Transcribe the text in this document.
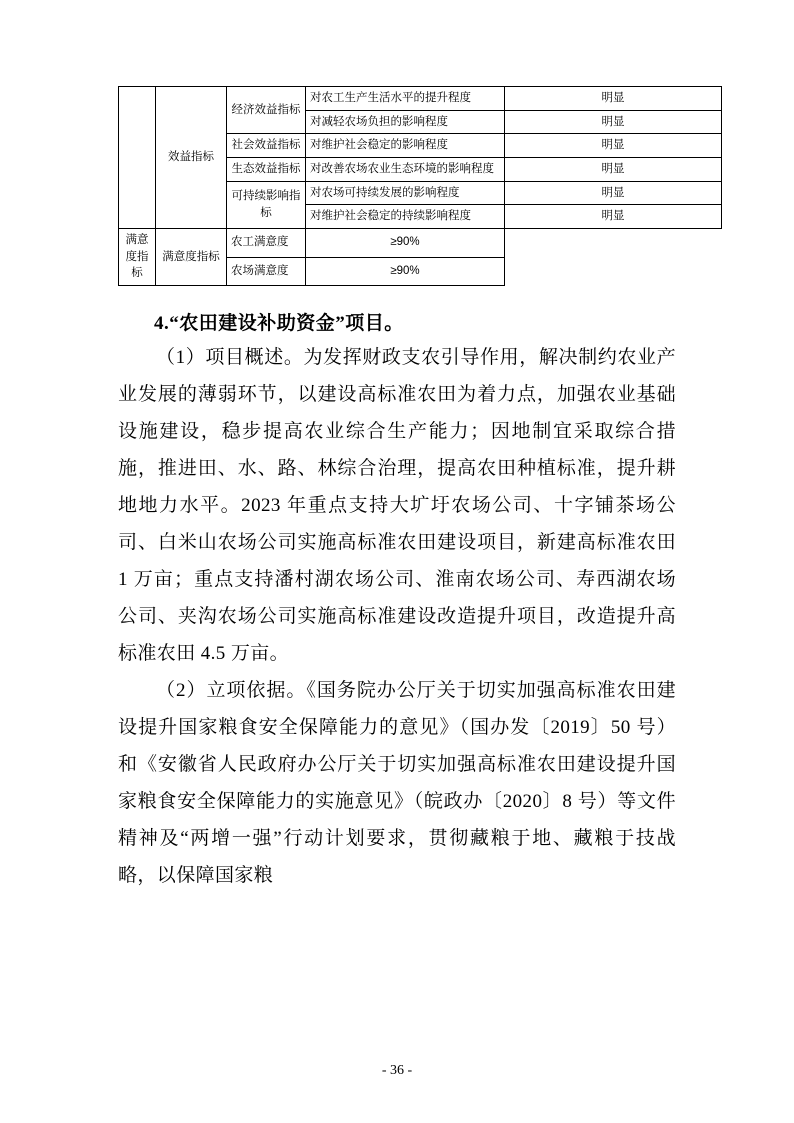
	效益指标	经济效益指标	对农工生产生活水平的提升程度	明显
			对减轻农场负担的影响程度	明显
		社会效益指标	对维护社会稳定的影响程度	明显
		生态效益指标	对改善农场农业生态环境的影响程度	明显
		可持续影响指标	对农场可持续发展的影响程度	明显
			对维护社会稳定的持续影响程度	明显
满意度指标	满意度指标	农工满意度	≥90%	
		农场满意度	≥90%	
4.“农田建设补助资金”项目。

（1）项目概述。为发挥财政支农引导作用，解决制约农业产业发展的薄弱环节，以建设高标准农田为着力点，加强农业基础设施建设，稳步提高农业综合生产能力；因地制宜采取综合措施，推进田、水、路、林综合治理，提高农田种植标准，提升耕地地力水平。2023 年重点支持大圹圩农场公司、十字铺茶场公司、白米山农场公司实施高标准农田建设项目，新建高标准农田 1 万亩；重点支持潘村湖农场公司、淮南农场公司、寿西湖农场公司、夹沟农场公司实施高标准建设改造提升项目，改造提升高标准农田 4.5 万亩。

（2）立项依据。《国务院办公厅关于切实加强高标准农田建设提升国家粮食安全保障能力的意见》（国办发〔2019〕50 号）和《安徽省人民政府办公厅关于切实加强高标准农田建设提升国家粮食安全保障能力的实施意见》（皖政办〔2020〕8 号）等文件精神及“两增一强”行动计划要求，贯彻藏粮于地、藏粮于技战略，以保障国家粮

- 36 -
